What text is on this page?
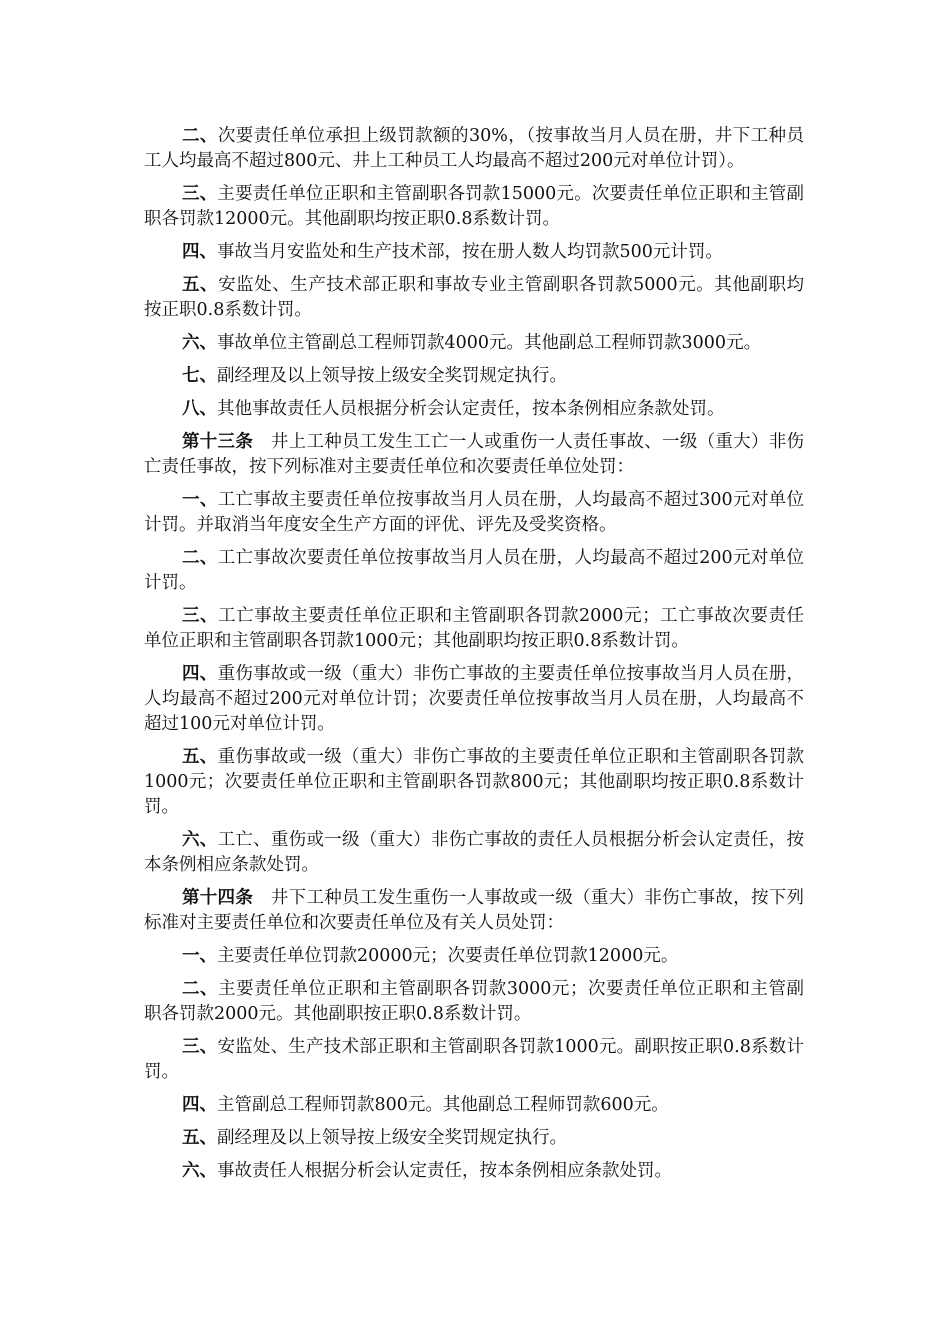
二、次要责任单位承担上级罚款额的30%，（按事故当月人员在册，井下工种员工人均最高不超过800元、井上工种员工人均最高不超过200元对单位计罚）。

三、主要责任单位正职和主管副职各罚款15000元。次要责任单位正职和主管副职各罚款12000元。其他副职均按正职0.8系数计罚。

四、事故当月安监处和生产技术部，按在册人数人均罚款500元计罚。

五、安监处、生产技术部正职和事故专业主管副职各罚款5000元。其他副职均按正职0.8系数计罚。

六、事故单位主管副总工程师罚款4000元。其他副总工程师罚款3000元。

七、副经理及以上领导按上级安全奖罚规定执行。

八、其他事故责任人员根据分析会认定责任，按本条例相应条款处罚。

第十三条　井上工种员工发生工亡一人或重伤一人责任事故、一级（重大）非伤亡责任事故，按下列标准对主要责任单位和次要责任单位处罚：

一、工亡事故主要责任单位按事故当月人员在册，人均最高不超过300元对单位计罚。并取消当年度安全生产方面的评优、评先及受奖资格。

二、工亡事故次要责任单位按事故当月人员在册，人均最高不超过200元对单位计罚。

三、工亡事故主要责任单位正职和主管副职各罚款2000元；工亡事故次要责任单位正职和主管副职各罚款1000元；其他副职均按正职0.8系数计罚。

四、重伤事故或一级（重大）非伤亡事故的主要责任单位按事故当月人员在册，人均最高不超过200元对单位计罚；次要责任单位按事故当月人员在册，人均最高不超过100元对单位计罚。

五、重伤事故或一级（重大）非伤亡事故的主要责任单位正职和主管副职各罚款1000元；次要责任单位正职和主管副职各罚款800元；其他副职均按正职0.8系数计罚。

六、工亡、重伤或一级（重大）非伤亡事故的责任人员根据分析会认定责任，按本条例相应条款处罚。

第十四条　井下工种员工发生重伤一人事故或一级（重大）非伤亡事故，按下列标准对主要责任单位和次要责任单位及有关人员处罚：

一、主要责任单位罚款20000元；次要责任单位罚款12000元。

二、主要责任单位正职和主管副职各罚款3000元；次要责任单位正职和主管副职各罚款2000元。其他副职按正职0.8系数计罚。

三、安监处、生产技术部正职和主管副职各罚款1000元。副职按正职0.8系数计罚。

四、主管副总工程师罚款800元。其他副总工程师罚款600元。

五、副经理及以上领导按上级安全奖罚规定执行。

六、事故责任人根据分析会认定责任，按本条例相应条款处罚。
